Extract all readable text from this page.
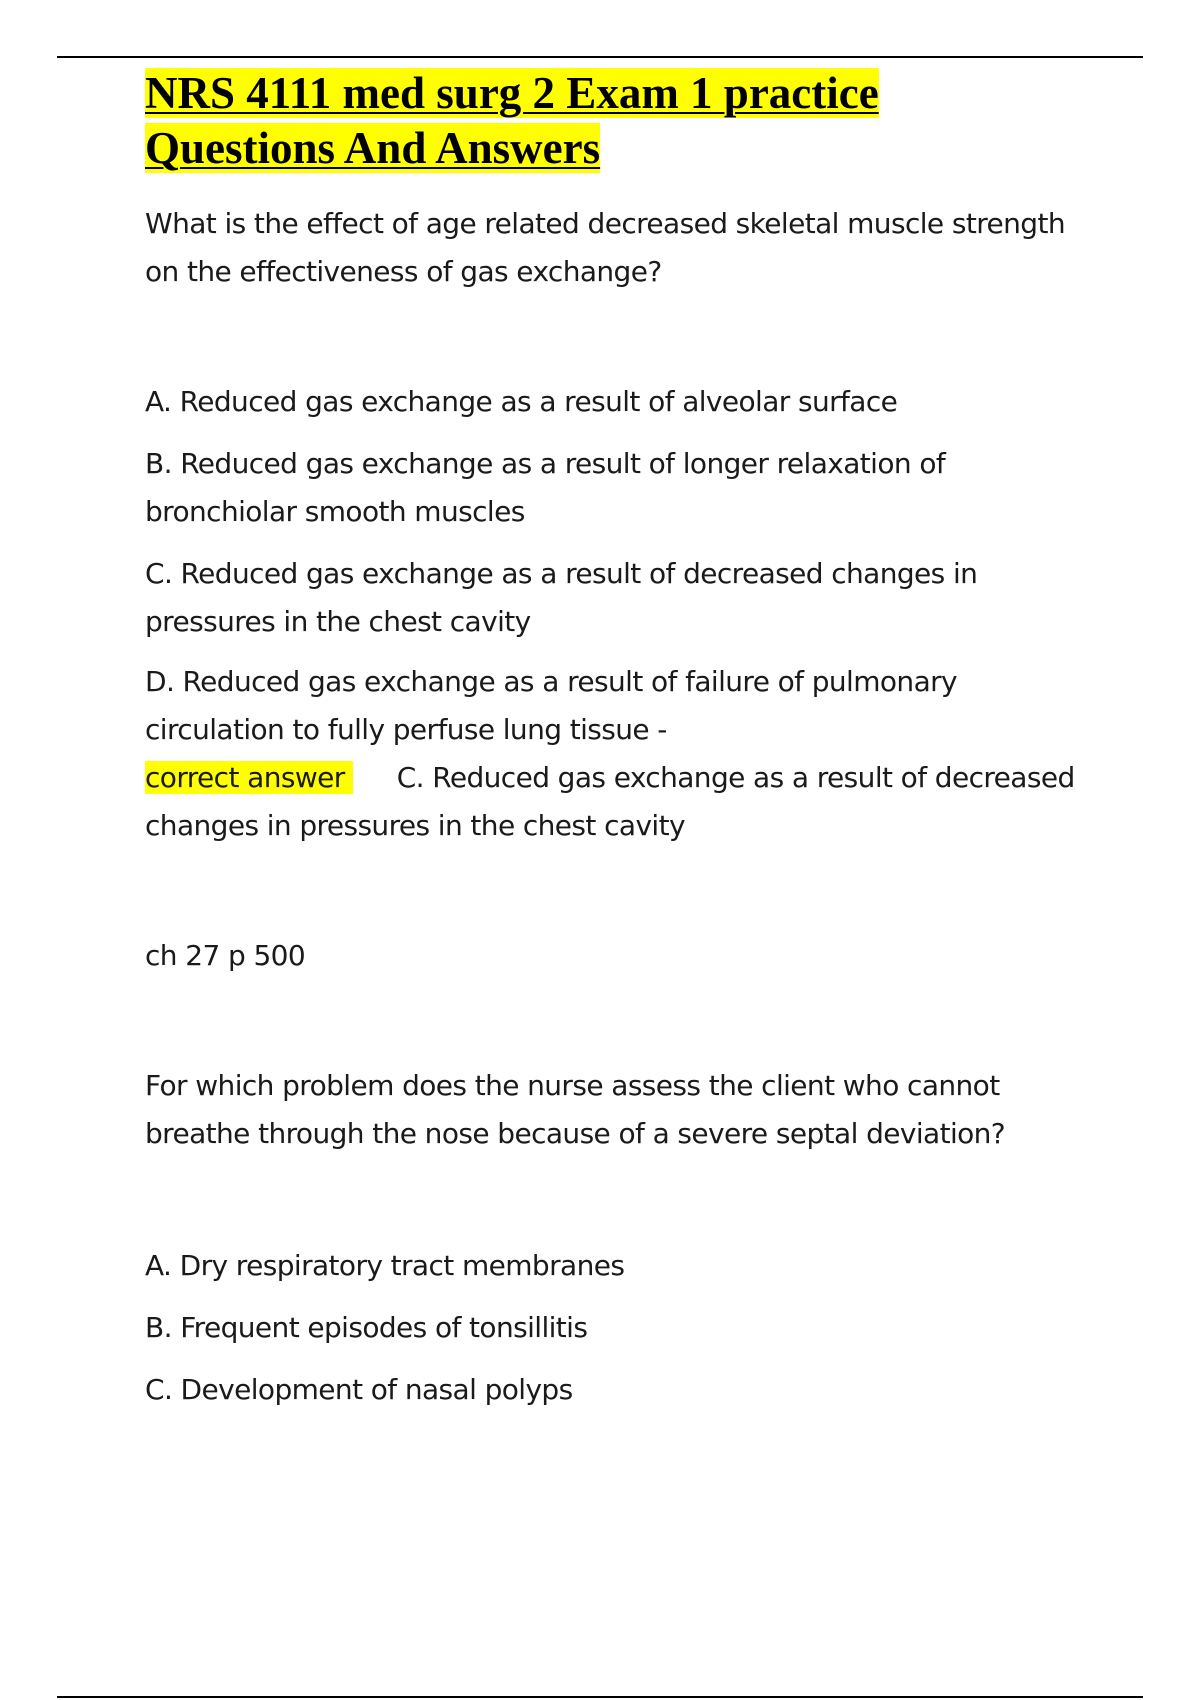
NRS 4111 med surg 2 Exam 1 practice
Questions And Answers

What is the effect of age related decreased skeletal muscle strength on the effectiveness of gas exchange?

A. Reduced gas exchange as a result of alveolar surface

B. Reduced gas exchange as a result of longer relaxation of bronchiolar smooth muscles

C. Reduced gas exchange as a result of decreased changes in pressures in the chest cavity

D. Reduced gas exchange as a result of failure of pulmonary circulation to fully perfuse lung tissue -

correct answer C. Reduced gas exchange as a result of decreased changes in pressures in the chest cavity

ch 27 p 500

For which problem does the nurse assess the client who cannot breathe through the nose because of a severe septal deviation?

A. Dry respiratory tract membranes

B. Frequent episodes of tonsillitis

C. Development of nasal polyps
